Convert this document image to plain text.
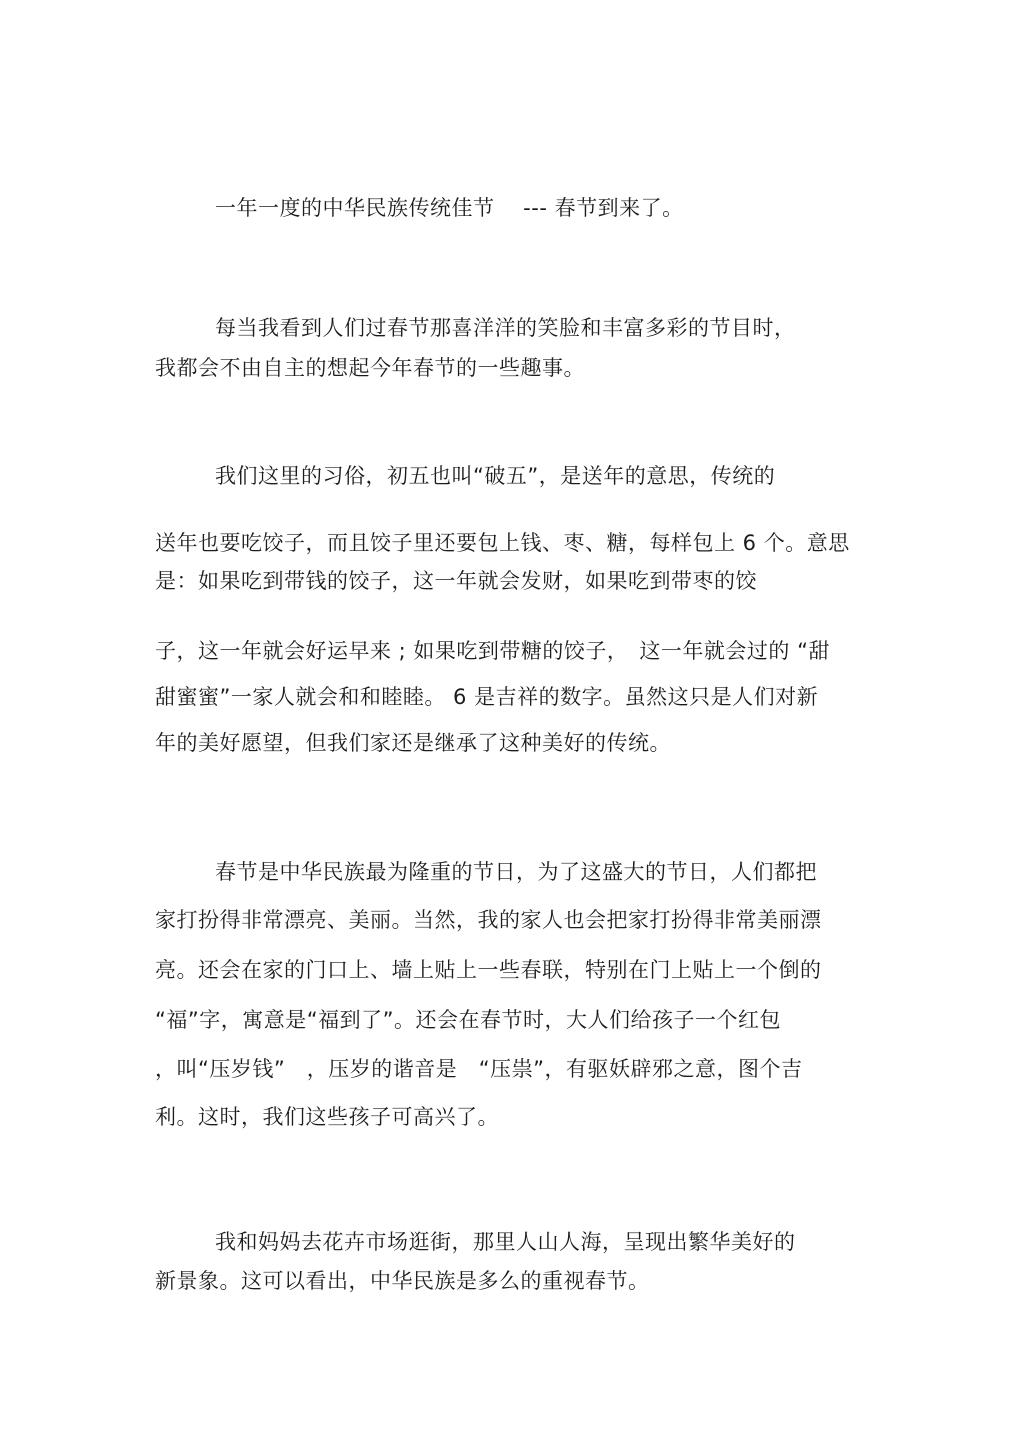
一年一度的中华民族传统佳节　 --- 春节到来了。
每当我看到人们过春节那喜洋洋的笑脸和丰富多彩的节目时，
我都会不由自主的想起今年春节的一些趣事。
我们这里的习俗，初五也叫“破五”，是送年的意思，传统的
送年也要吃饺子，而且饺子里还要包上钱、枣、糖，每样包上 6 个。意思
是：如果吃到带钱的饺子，这一年就会发财，如果吃到带枣的饺
子，这一年就会好运早来 ; 如果吃到带糖的饺子，　这一年就会过的 “甜
甜蜜蜜”一家人就会和和睦睦。 6 是吉祥的数字。虽然这只是人们对新
年的美好愿望，但我们家还是继承了这种美好的传统。
春节是中华民族最为隆重的节日，为了这盛大的节日，人们都把
家打扮得非常漂亮、美丽。当然，我的家人也会把家打扮得非常美丽漂
亮。还会在家的门口上、墙上贴上一些春联，特别在门上贴上一个倒的
“福”字，寓意是“福到了”。还会在春节时，大人们给孩子一个红包
，叫“压岁钱”　，压岁的谐音是　“压祟”，有驱妖辟邪之意，图个吉
利。这时，我们这些孩子可高兴了。
我和妈妈去花卉市场逛街，那里人山人海，呈现出繁华美好的
新景象。这可以看出，中华民族是多么的重视春节。
